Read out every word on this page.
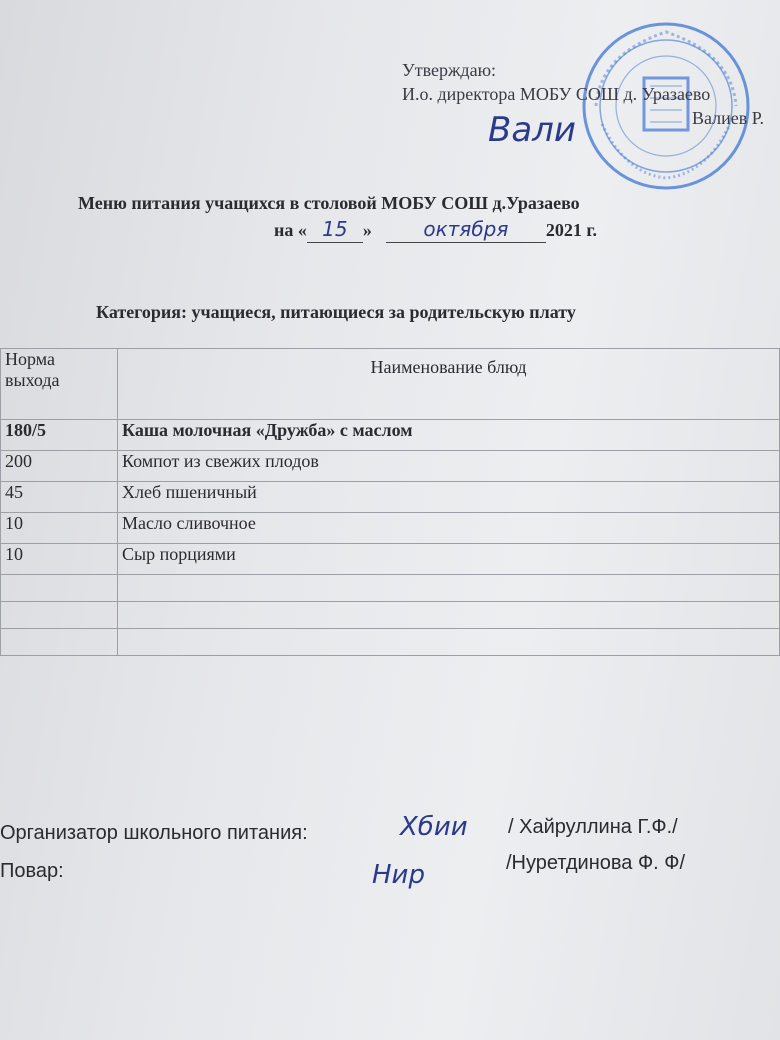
Утверждаю:
И.о. директора МОБУ СОШ д. Уразаево
Валиев Р.
Вали
Меню питания учащихся в столовой МОБУ СОШ д.Уразаево
на « 15 »	октября 2021 г.
Категория: учащиеся, питающиеся за родительскую плату
Норма выхода	Наименование блюд
180/5	Каша молочная «Дружба» с маслом
200	Компот из свежих плодов
45	Хлеб пшеничный
10	Масло сливочное
10	Сыр порциями

Организатор школьного питания:	Хбии / Хайруллина Г.Ф./
Повар:	Нир	/Нуретдинова Ф. Ф/
